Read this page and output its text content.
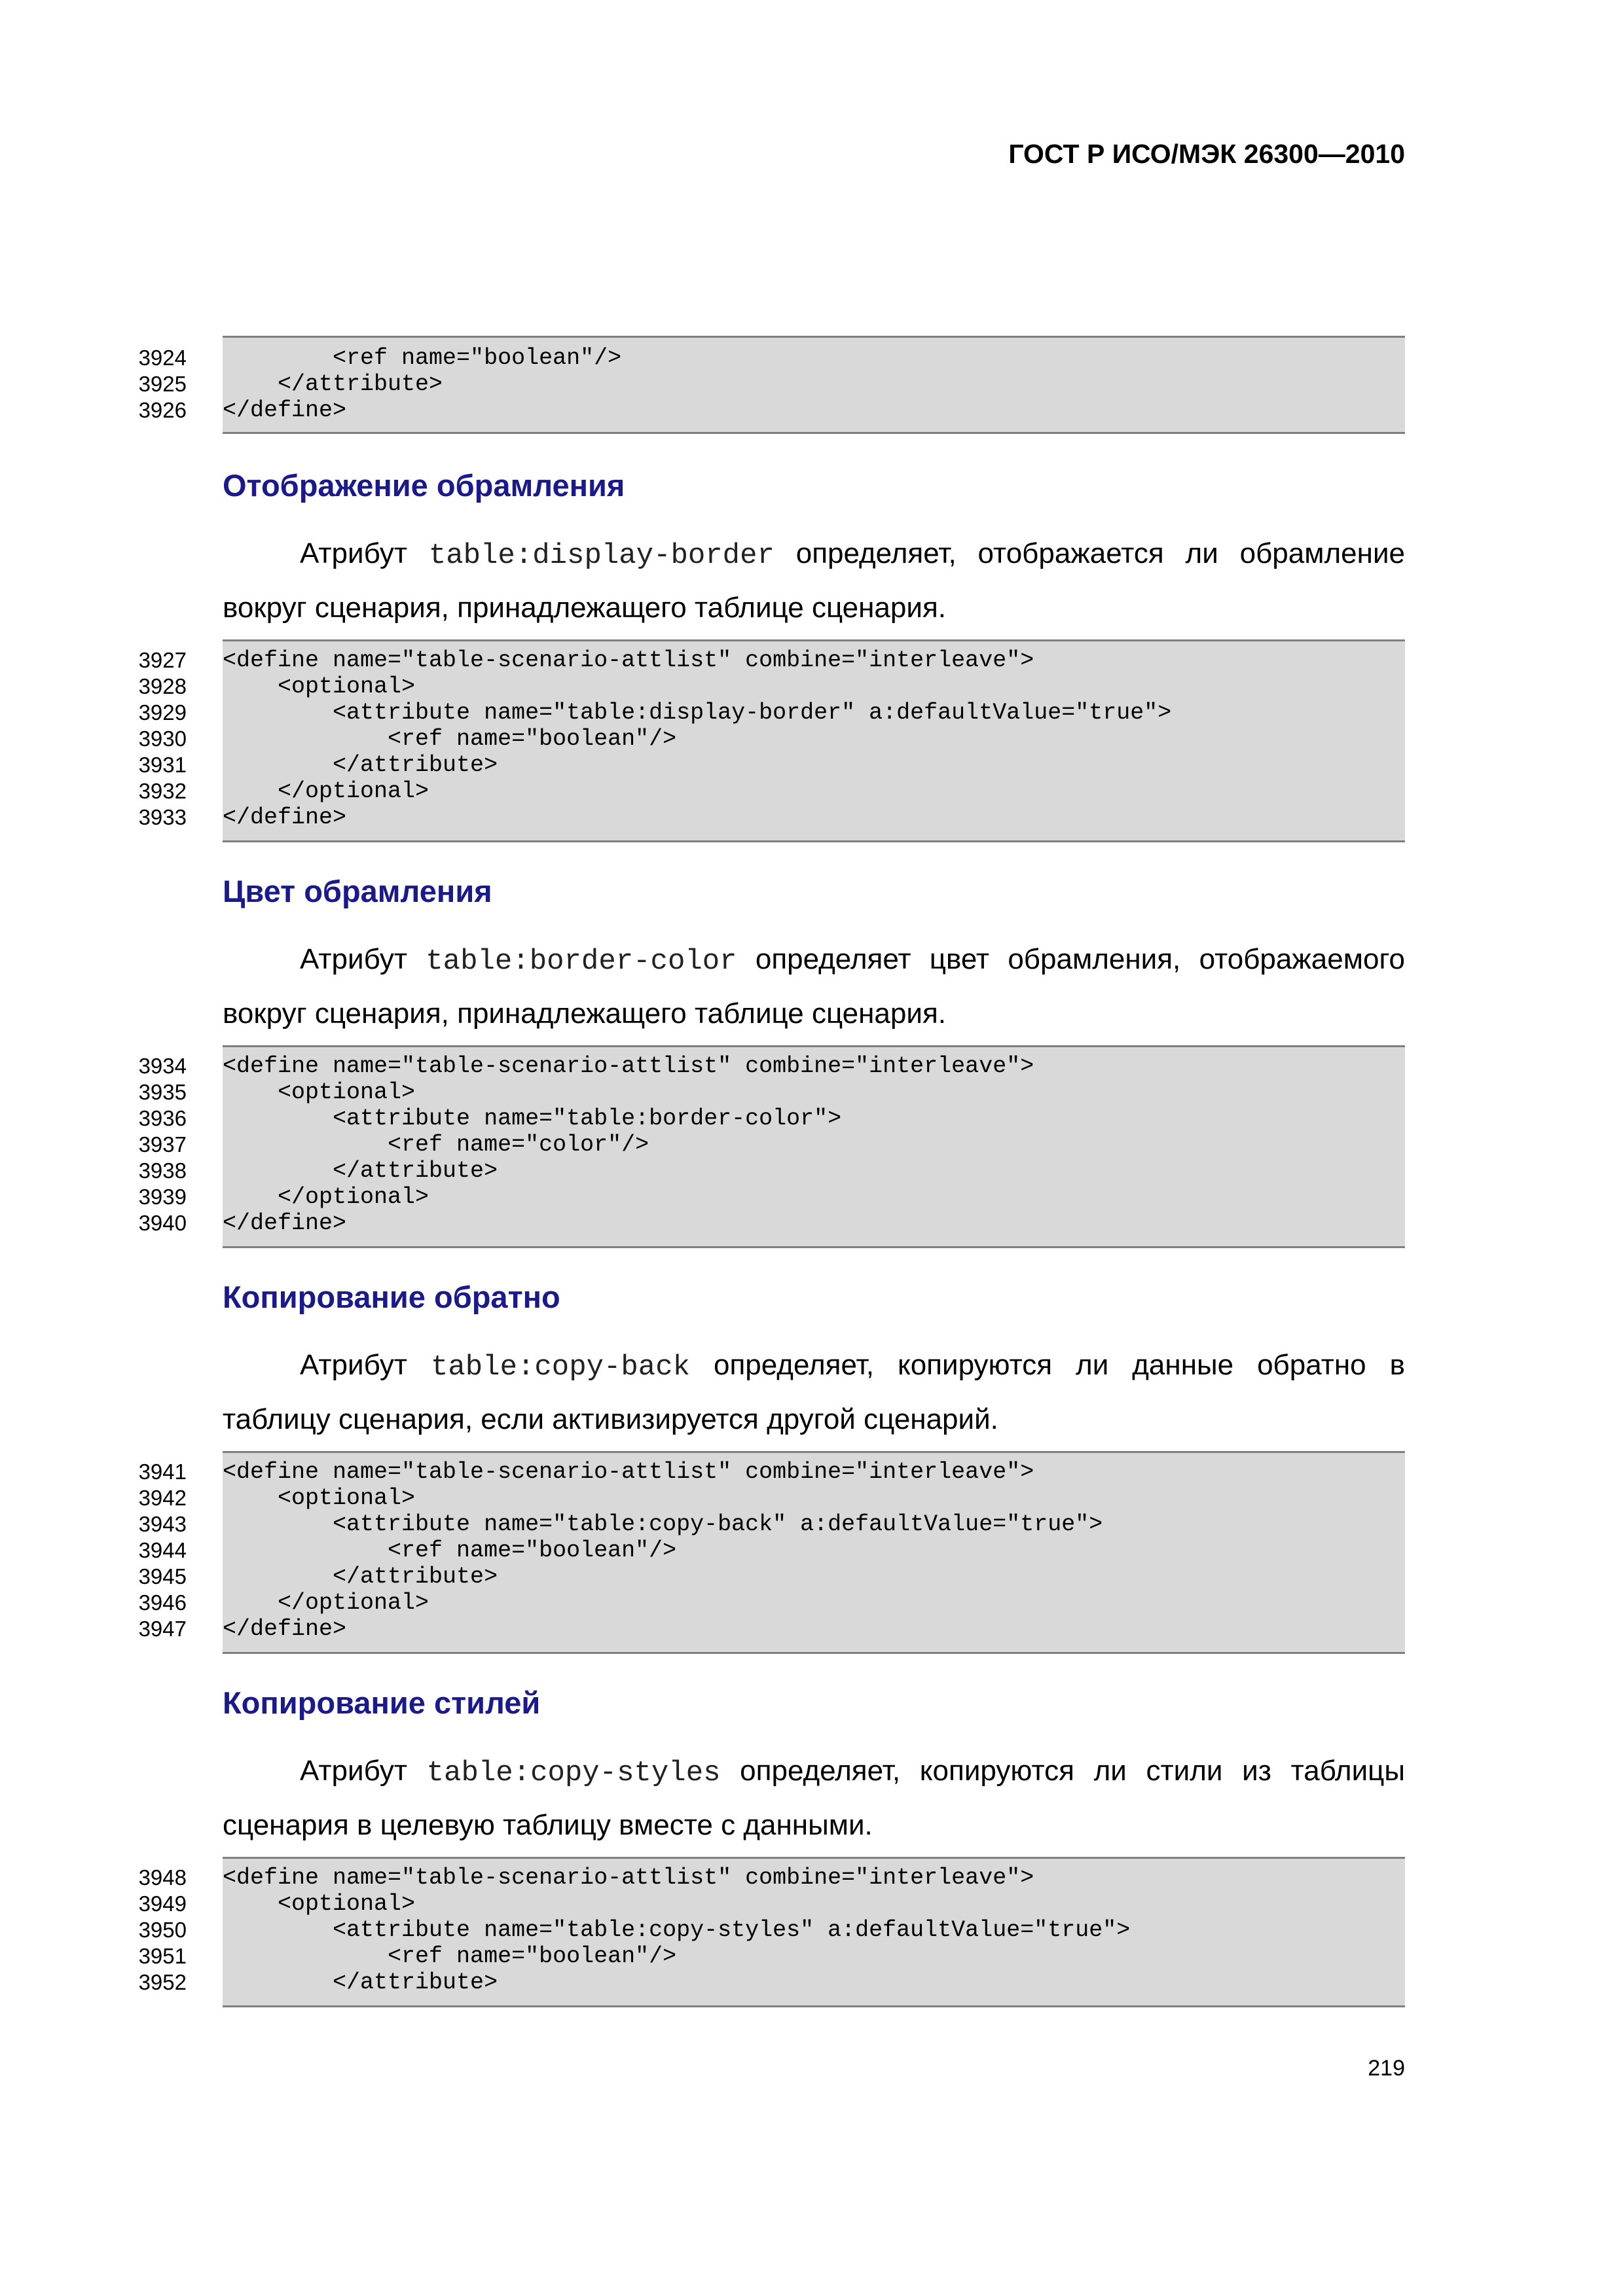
ГОСТ Р ИСО/МЭК 26300—2010
3924
3925
3926
<ref name="boolean"/>
</attribute>
</define>
Отображение обрамления
Атрибут table:display-border определяет, отображается ли обрамление вокруг сценария, принадлежащего таблице сценария.
3927
3928
3929
3930
3931
3932
3933
<define name="table-scenario-attlist" combine="interleave">
<optional>
<attribute name="table:display-border" a:defaultValue="true">
<ref name="boolean"/>
</attribute>
</optional>
</define>
Цвет обрамления
Атрибут table:border-color определяет цвет обрамления, отображаемого вокруг сценария, принадлежащего таблице сценария.
3934
3935
3936
3937
3938
3939
3940
<define name="table-scenario-attlist" combine="interleave">
<optional>
<attribute name="table:border-color">
<ref name="color"/>
</attribute>
</optional>
</define>
Копирование обратно
Атрибут table:copy-back определяет, копируются ли данные обратно в таблицу сценария, если активизируется другой сценарий.
3941
3942
3943
3944
3945
3946
3947
<define name="table-scenario-attlist" combine="interleave">
<optional>
<attribute name="table:copy-back" a:defaultValue="true">
<ref name="boolean"/>
</attribute>
</optional>
</define>
Копирование стилей
Атрибут table:copy-styles определяет, копируются ли стили из таблицы сценария в целевую таблицу вместе с данными.
3948
3949
3950
3951
3952
<define name="table-scenario-attlist" combine="interleave">
<optional>
<attribute name="table:copy-styles" a:defaultValue="true">
<ref name="boolean"/>
</attribute>
219
